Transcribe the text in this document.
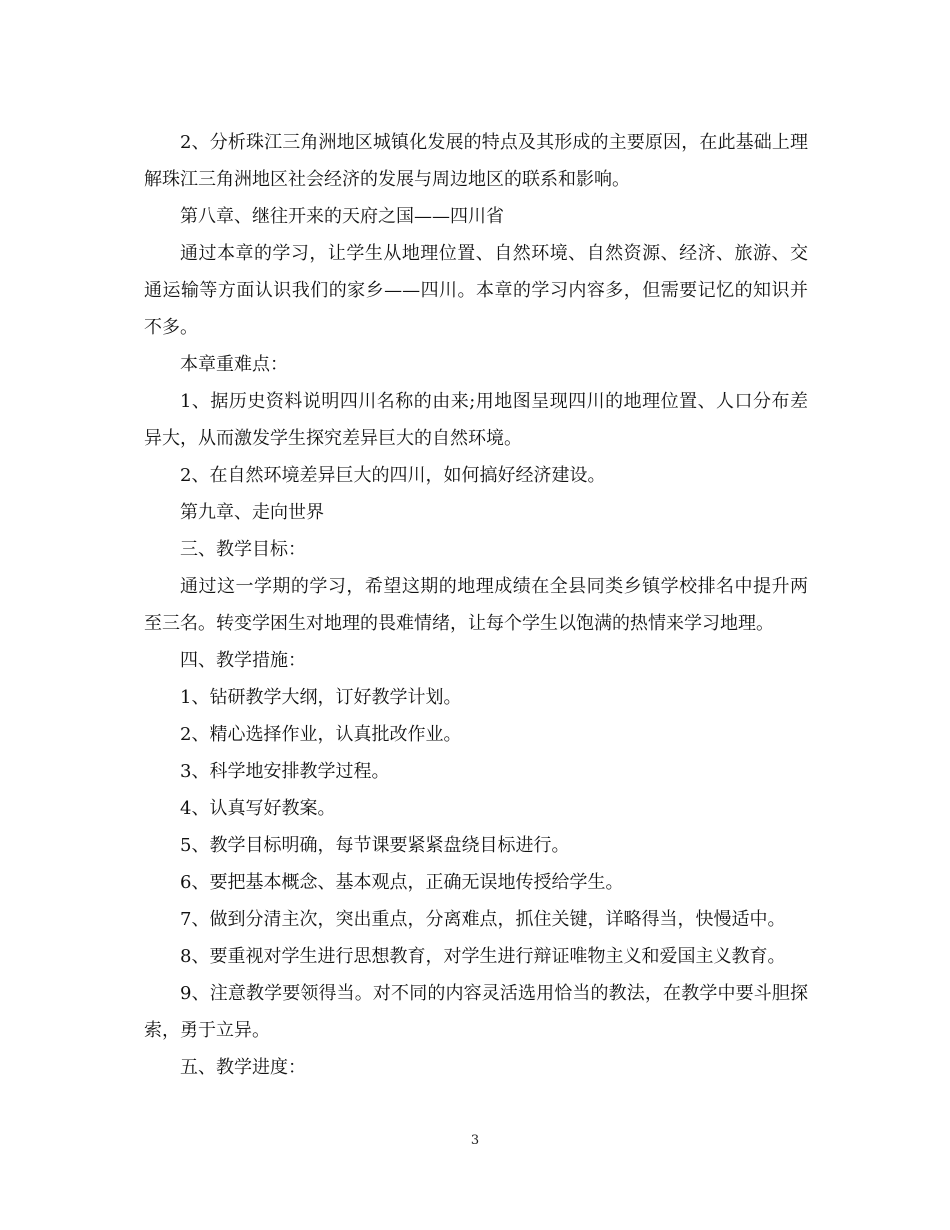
2、分析珠江三角洲地区城镇化发展的特点及其形成的主要原因，在此基础上理解珠江三角洲地区社会经济的发展与周边地区的联系和影响。

第八章、继往开来的天府之国——四川省

通过本章的学习，让学生从地理位置、自然环境、自然资源、经济、旅游、交通运输等方面认识我们的家乡——四川。本章的学习内容多，但需要记忆的知识并不多。

本章重难点：

1、据历史资料说明四川名称的由来;用地图呈现四川的地理位置、人口分布差异大，从而激发学生探究差异巨大的自然环境。

2、在自然环境差异巨大的四川，如何搞好经济建设。

第九章、走向世界

三、教学目标：

通过这一学期的学习，希望这期的地理成绩在全县同类乡镇学校排名中提升两至三名。转变学困生对地理的畏难情绪，让每个学生以饱满的热情来学习地理。

四、教学措施：

1、钻研教学大纲，订好教学计划。

2、精心选择作业，认真批改作业。

3、科学地安排教学过程。

4、认真写好教案。

5、教学目标明确，每节课要紧紧盘绕目标进行。

6、要把基本概念、基本观点，正确无误地传授给学生。

7、做到分清主次，突出重点，分离难点，抓住关键，详略得当，快慢适中。

8、要重视对学生进行思想教育，对学生进行辩证唯物主义和爱国主义教育。

9、注意教学要领得当。对不同的内容灵活选用恰当的教法，在教学中要斗胆探索，勇于立异。

五、教学进度：

3
